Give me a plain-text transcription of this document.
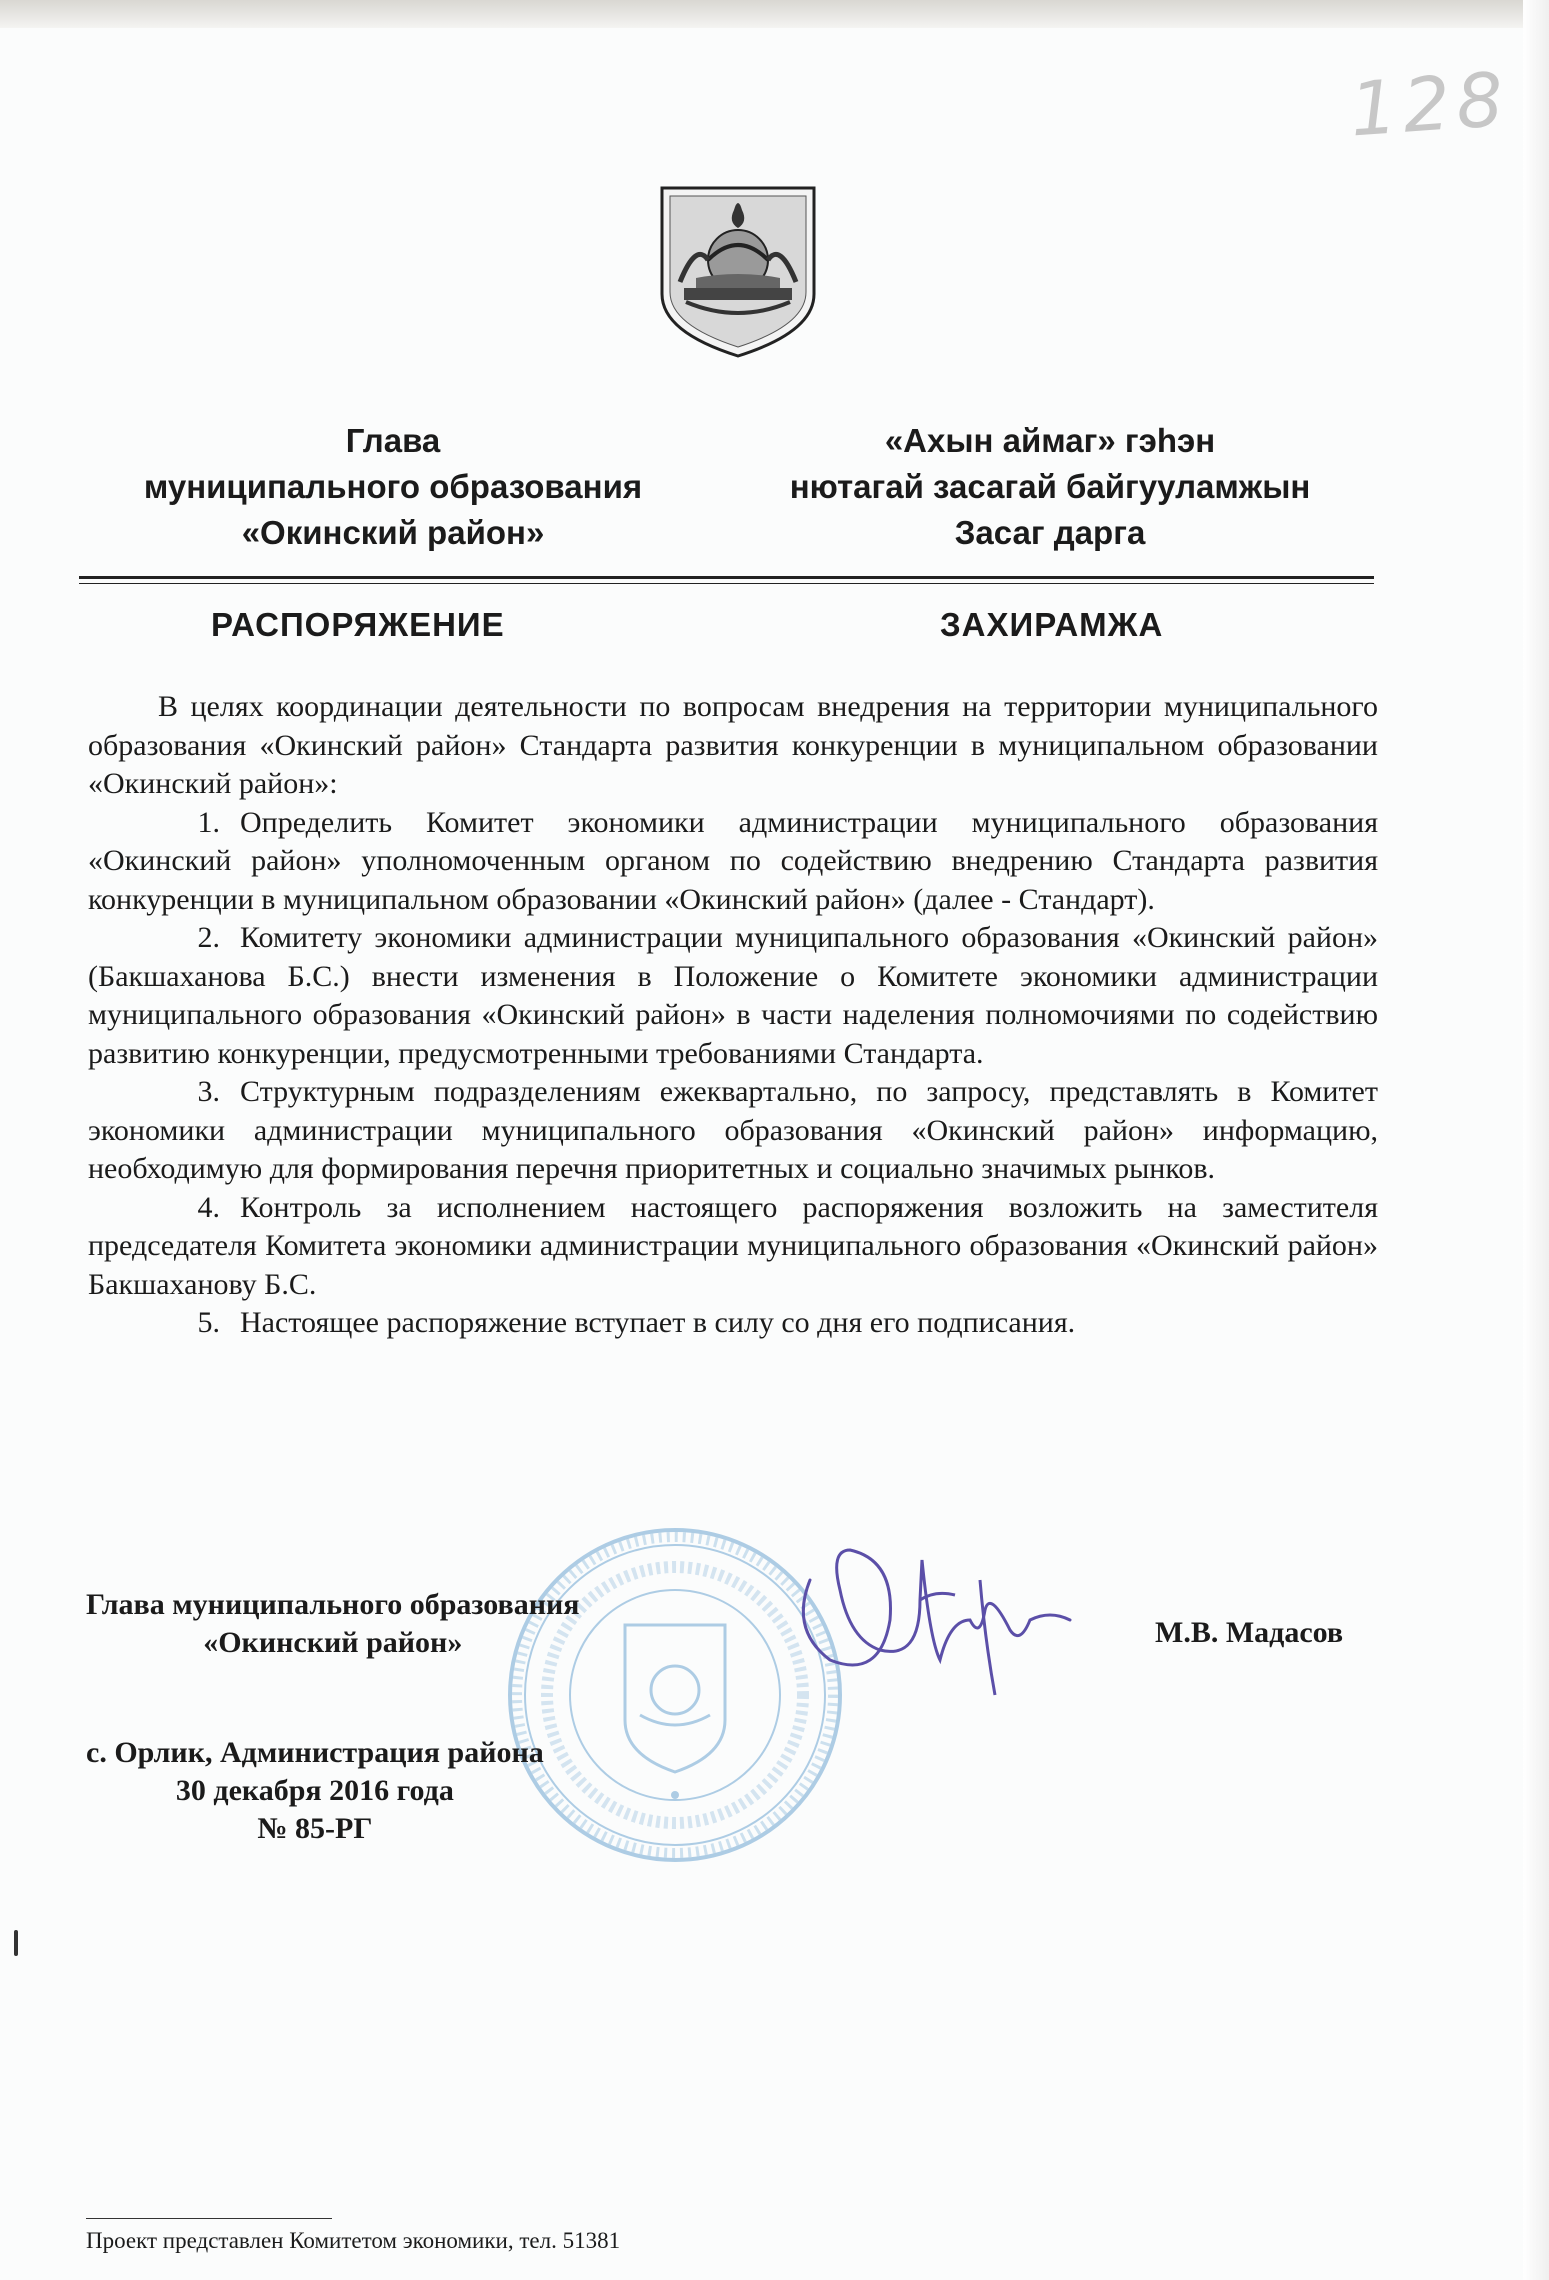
128
Глава
муниципального образования
«Окинский район»
«Ахын аймаг» гэһэн
нютагай засагай байгууламжын
Засаг дарга
РАСПОРЯЖЕНИЕ	ЗАХИРАМЖА

В целях координации деятельности по вопросам внедрения на территории муниципального образования «Окинский район» Стандарта развития конкуренции в муниципальном образовании «Окинский район»:

1. Определить Комитет экономики администрации муниципального образования «Окинский район» уполномоченным органом по содействию внедрению Стандарта развития конкуренции в муниципальном образовании «Окинский район» (далее - Стандарт).

2. Комитету экономики администрации муниципального образования «Окинский район» (Бакшаханова Б.С.) внести изменения в Положение о Комитете экономики администрации муниципального образования «Окинский район» в части наделения полномочиями по содействию развитию конкуренции, предусмотренными требованиями Стандарта.

3. Структурным подразделениям ежеквартально, по запросу, представлять в Комитет экономики администрации муниципального образования «Окинский район» информацию, необходимую для формирования перечня приоритетных и социально значимых рынков.

4. Контроль за исполнением настоящего распоряжения возложить на заместителя председателя Комитета экономики администрации муниципального образования «Окинский район» Бакшаханову Б.С.

5. Настоящее распоряжение вступает в силу со дня его подписания.

Глава муниципального образования
«Окинский район»	М.В. Мадасов
с. Орлик, Администрация района
30 декабря 2016 года
№ 85-РГ
Проект представлен Комитетом экономики, тел. 51381
